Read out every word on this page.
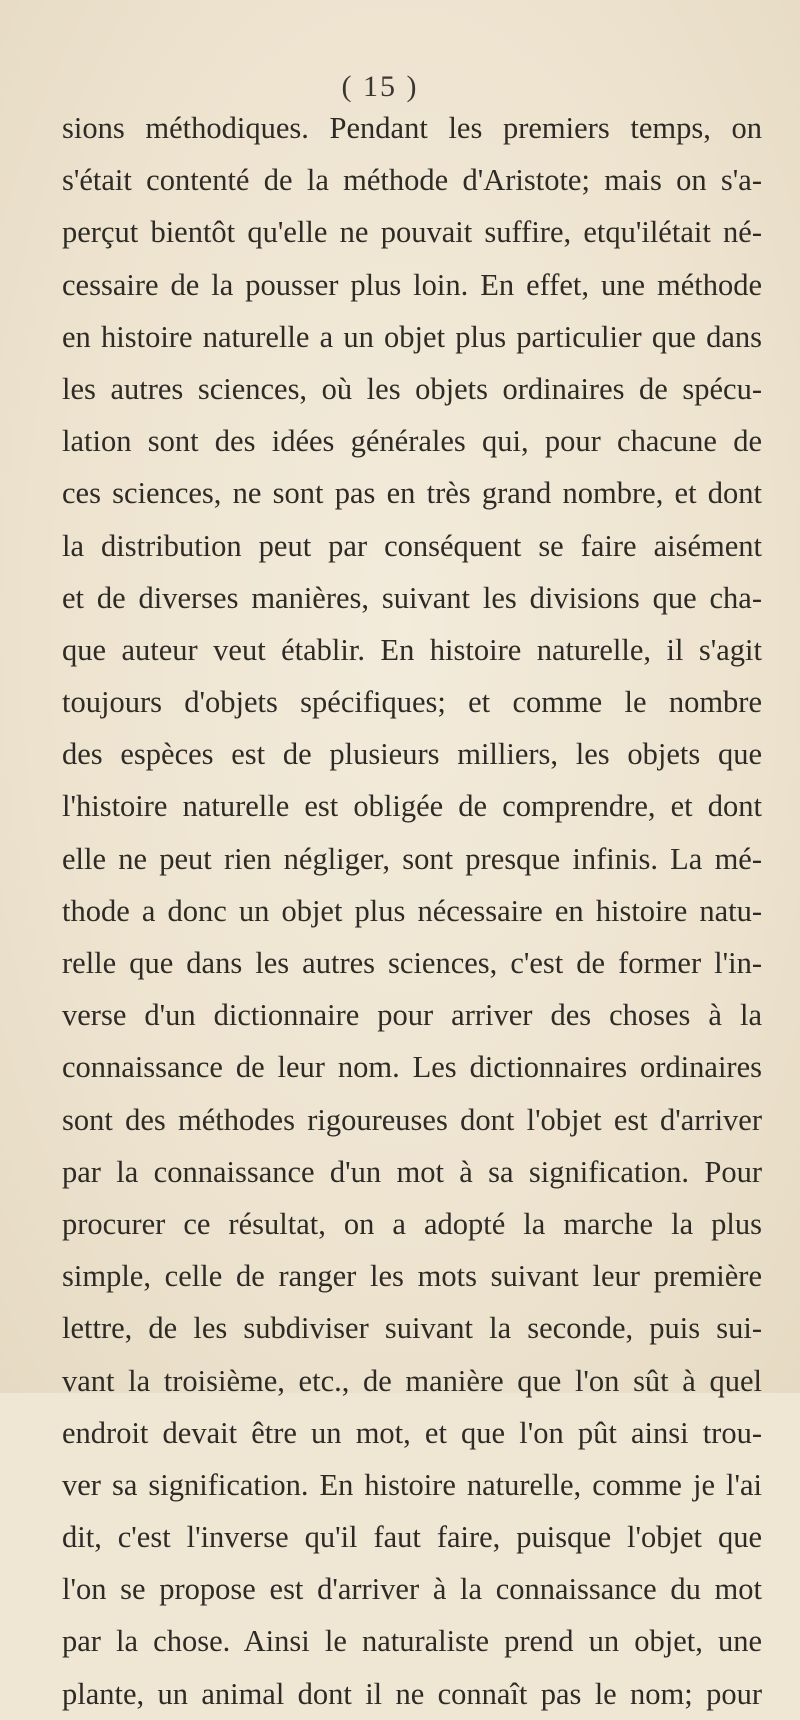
( 15 )
sions méthodiques. Pendant les premiers temps, on
s'était contenté de la méthode d'Aristote; mais on s'a-
perçut bientôt qu'elle ne pouvait suffire, etqu'ilétait né-
cessaire de la pousser plus loin. En effet, une méthode
en histoire naturelle a un objet plus particulier que dans
les autres sciences, où les objets ordinaires de spécu-
lation sont des idées générales qui, pour chacune de
ces sciences, ne sont pas en très grand nombre, et dont
la distribution peut par conséquent se faire aisément
et de diverses manières, suivant les divisions que cha-
que auteur veut établir. En histoire naturelle, il s'agit
toujours d'objets spécifiques; et comme le nombre
des espèces est de plusieurs milliers, les objets que
l'histoire naturelle est obligée de comprendre, et dont
elle ne peut rien négliger, sont presque infinis. La mé-
thode a donc un objet plus nécessaire en histoire natu-
relle que dans les autres sciences, c'est de former l'in-
verse d'un dictionnaire pour arriver des choses à la
connaissance de leur nom. Les dictionnaires ordinaires
sont des méthodes rigoureuses dont l'objet est d'arriver
par la connaissance d'un mot à sa signification. Pour
procurer ce résultat, on a adopté la marche la plus
simple, celle de ranger les mots suivant leur première
lettre, de les subdiviser suivant la seconde, puis sui-
vant la troisième, etc., de manière que l'on sût à quel
endroit devait être un mot, et que l'on pût ainsi trou-
ver sa signification. En histoire naturelle, comme je l'ai
dit, c'est l'inverse qu'il faut faire, puisque l'objet que
l'on se propose est d'arriver à la connaissance du mot
par la chose. Ainsi le naturaliste prend un objet, une
plante, un animal dont il ne connaît pas le nom; pour
